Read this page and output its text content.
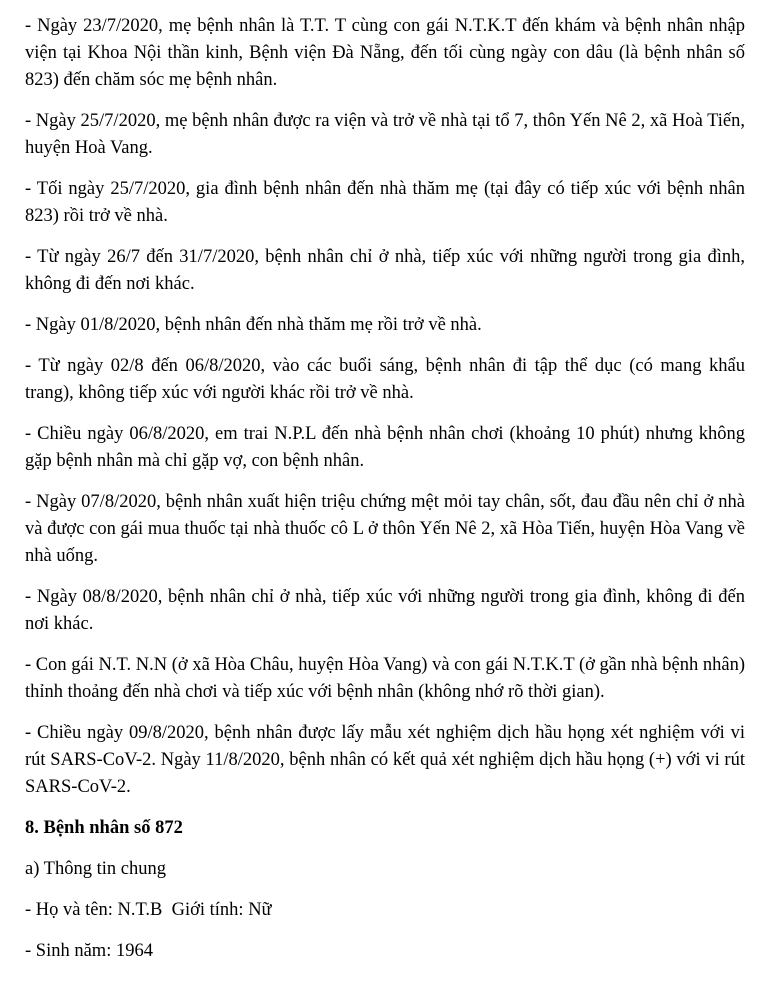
- Ngày 23/7/2020, mẹ bệnh nhân là T.T. T cùng con gái N.T.K.T đến khám và bệnh nhân nhập viện tại Khoa Nội thần kinh, Bệnh viện Đà Nẵng, đến tối cùng ngày con dâu (là bệnh nhân số 823) đến chăm sóc mẹ bệnh nhân.

- Ngày 25/7/2020, mẹ bệnh nhân được ra viện và trở về nhà tại tổ 7, thôn Yến Nê 2, xã Hoà Tiến, huyện Hoà Vang.

- Tối ngày 25/7/2020, gia đình bệnh nhân đến nhà thăm mẹ (tại đây có tiếp xúc với bệnh nhân 823) rồi trở về nhà.

- Từ ngày 26/7 đến 31/7/2020, bệnh nhân chỉ ở nhà, tiếp xúc với những người trong gia đình, không đi đến nơi khác.

- Ngày 01/8/2020, bệnh nhân đến nhà thăm mẹ rồi trở về nhà.

- Từ ngày 02/8 đến 06/8/2020, vào các buổi sáng, bệnh nhân đi tập thể dục (có mang khẩu trang), không tiếp xúc với người khác rồi trở về nhà.

- Chiều ngày 06/8/2020, em trai N.P.L đến nhà bệnh nhân chơi (khoảng 10 phút) nhưng không gặp bệnh nhân mà chỉ gặp vợ, con bệnh nhân.

- Ngày 07/8/2020, bệnh nhân xuất hiện triệu chứng mệt mỏi tay chân, sốt, đau đầu nên chỉ ở nhà và được con gái mua thuốc tại nhà thuốc cô L ở thôn Yến Nê 2, xã Hòa Tiến, huyện Hòa Vang về nhà uống.

- Ngày 08/8/2020, bệnh nhân chỉ ở nhà, tiếp xúc với những người trong gia đình, không đi đến nơi khác.

- Con gái N.T. N.N (ở xã Hòa Châu, huyện Hòa Vang) và con gái N.T.K.T (ở gần nhà bệnh nhân) thỉnh thoảng đến nhà chơi và tiếp xúc với bệnh nhân (không nhớ rõ thời gian).

- Chiều ngày 09/8/2020, bệnh nhân được lấy mẫu xét nghiệm dịch hầu họng xét nghiệm với vi rút SARS-CoV-2. Ngày 11/8/2020, bệnh nhân có kết quả xét nghiệm dịch hầu họng (+) với vi rút SARS-CoV-2.

8. Bệnh nhân số 872

a) Thông tin chung

- Họ và tên: N.T.B  Giới tính: Nữ

- Sinh năm: 1964
